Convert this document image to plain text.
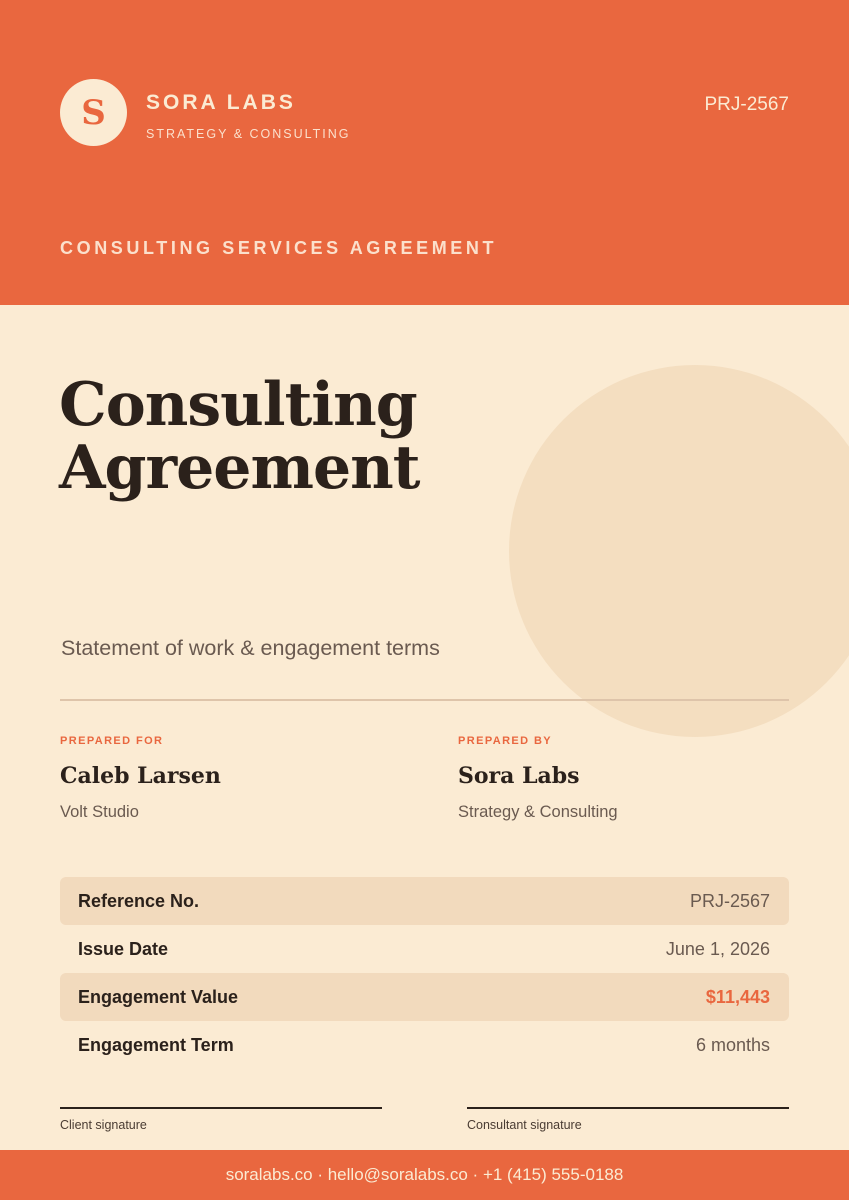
S SORA LABS
STRATEGY & CONSULTING
PRJ-2567
CONSULTING SERVICES AGREEMENT
Consulting
Agreement
Statement of work & engagement terms
PREPARED FOR
Caleb Larsen
Volt Studio
PREPARED BY
Sora Labs
Strategy & Consulting
Reference No.	PRJ-2567
Issue Date	June 1, 2026
Engagement Value	$11,443
Engagement Term	6 months
Client signature	Consultant signature
soralabs.co · hello@soralabs.co · +1 (415) 555-0188
